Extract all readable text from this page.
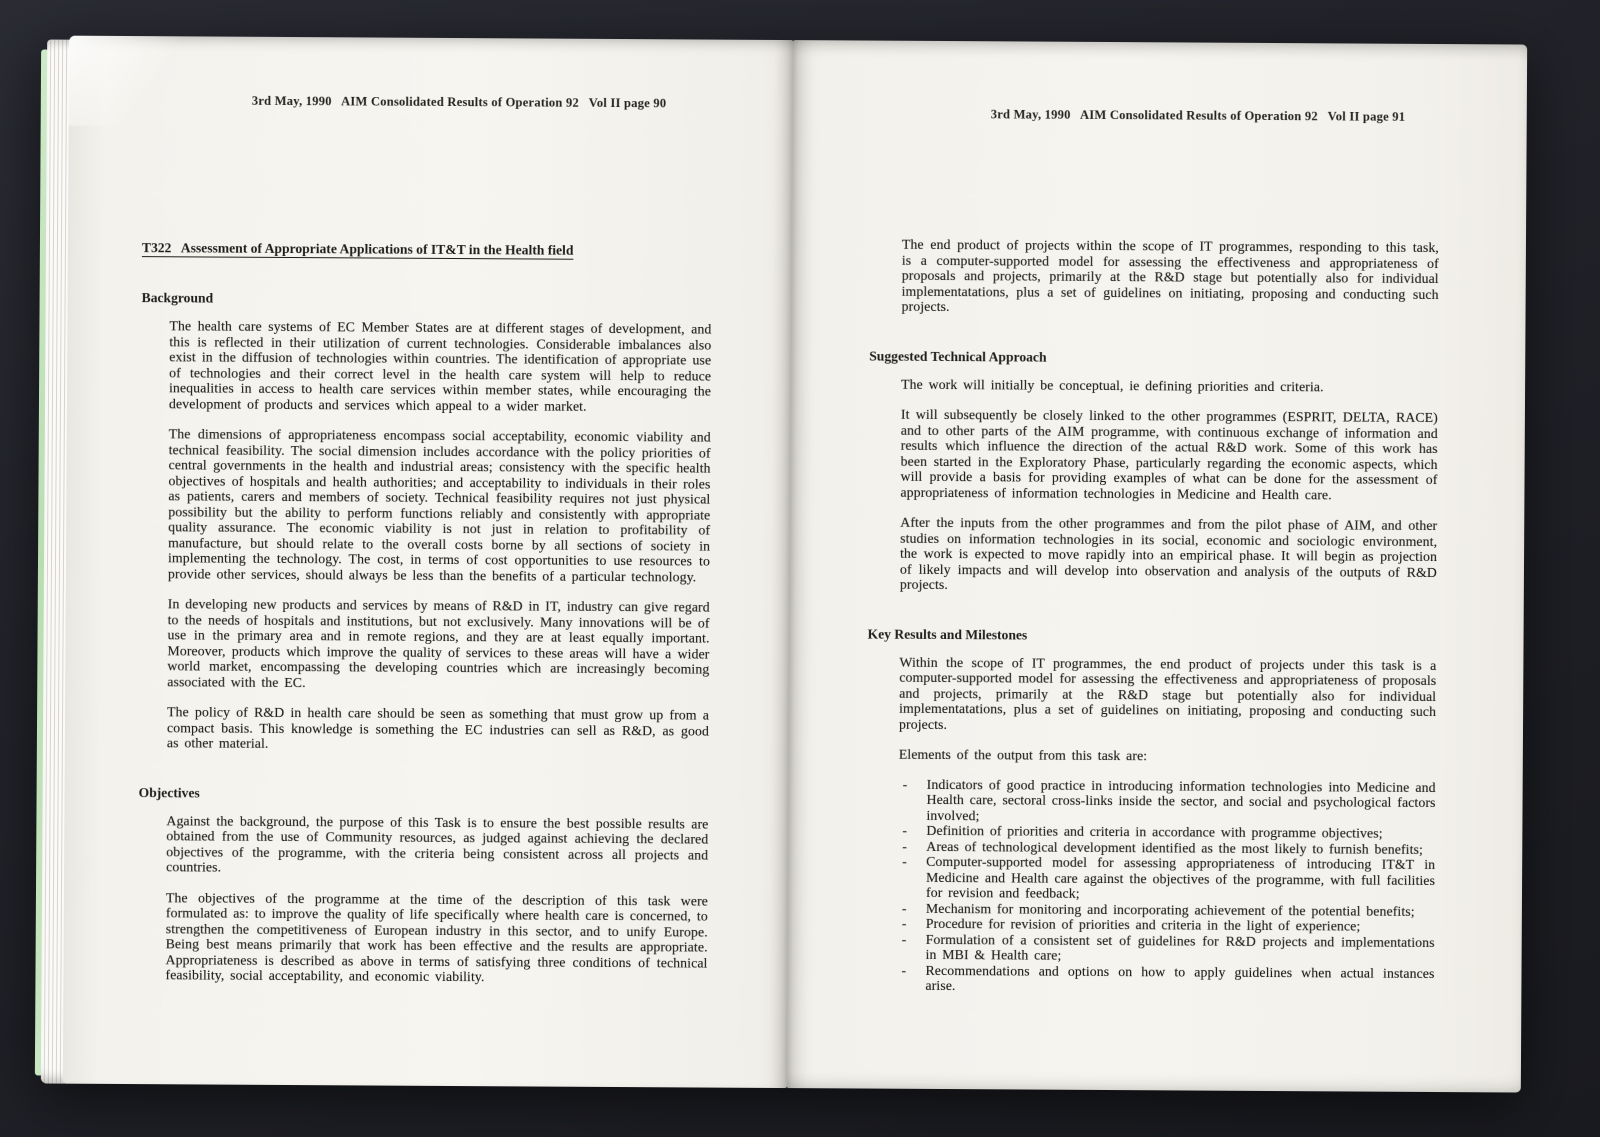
3rd May, 1990   AIM Consolidated Results of Operation 92   Vol II page 90
T322   Assessment of Appropriate Applications of IT&T in the Health field
Background

The health care systems of EC Member States are at different stages of development, and this is reflected in their utilization of current technologies. Considerable imbalances also exist in the diffusion of technologies within countries. The identification of appropriate use of technologies and their correct level in the health care system will help to reduce inequalities in access to health care services within member states, while encouraging the development of products and services which appeal to a wider market.

The dimensions of appropriateness encompass social acceptability, economic viability and technical feasibility. The social dimension includes accordance with the policy priorities of central governments in the health and industrial areas; consistency with the specific health objectives of hospitals and health authorities; and acceptability to individuals in their roles as patients, carers and members of society. Technical feasibility requires not just physical possibility but the ability to perform functions reliably and consistently with appropriate quality assurance. The economic viability is not just in relation to profitability of manufacture, but should relate to the overall costs borne by all sections of society in implementing the technology. The cost, in terms of cost opportunities to use resources to provide other services, should always be less than the benefits of a particular technology.

In developing new products and services by means of R&D in IT, industry can give regard to the needs of hospitals and institutions, but not exclusively. Many innovations will be of use in the primary area and in remote regions, and they are at least equally important. Moreover, products which improve the quality of services to these areas will have a wider world market, encompassing the developing countries which are increasingly becoming associated with the EC.

The policy of R&D in health care should be seen as something that must grow up from a compact basis. This knowledge is something the EC industries can sell as R&D, as good as other material.

Objectives

Against the background, the purpose of this Task is to ensure the best possible results are obtained from the use of Community resources, as judged against achieving the declared objectives of the programme, with the criteria being consistent across all projects and countries.

The objectives of the programme at the time of the description of this task were formulated as: to improve the quality of life specifically where health care is concerned, to strengthen the competitiveness of European industry in this sector, and to unify Europe. Being best means primarily that work has been effective and the results are appropriate. Appropriateness is described as above in terms of satisfying three conditions of technical feasibility, social acceptability, and economic viability.

3rd May, 1990   AIM Consolidated Results of Operation 92   Vol II page 91

The end product of projects within the scope of IT programmes, responding to this task, is a computer-supported model for assessing the effectiveness and appropriateness of proposals and projects, primarily at the R&D stage but potentially also for individual implementatations, plus a set of guidelines on initiating, proposing and conducting such projects.

Suggested Technical Approach

The work will initially be conceptual, ie defining priorities and criteria.

It will subsequently be closely linked to the other programmes (ESPRIT, DELTA, RACE) and to other parts of the AIM programme, with continuous exchange of information and results which influence the direction of the actual R&D work. Some of this work has been started in the Exploratory Phase, particularly regarding the economic aspects, which will provide a basis for providing examples of what can be done for the assessment of appropriateness of information technologies in Medicine and Health care.

After the inputs from the other programmes and from the pilot phase of AIM, and other studies on information technologies in its social, economic and sociologic environment, the work is expected to move rapidly into an empirical phase. It will begin as projection of likely impacts and will develop into observation and analysis of the outputs of R&D projects.

Key Results and Milestones

Within the scope of IT programmes, the end product of projects under this task is a computer-supported model for assessing the effectiveness and appropriateness of proposals and projects, primarily at the R&D stage but potentially also for individual implementatations, plus a set of guidelines on initiating, proposing and conducting such projects.

Elements of the output from this task are:

-	Indicators of good practice in introducing information technologies into Medicine and Health care, sectoral cross-links inside the sector, and social and psychological factors involved;
-	Definition of priorities and criteria in accordance with programme objectives;
-	Areas of technological development identified as the most likely to furnish benefits;
-	Computer-supported model for assessing appropriateness of introducing IT&T in Medicine and Health care against the objectives of the programme, with full facilities for revision and feedback;
-	Mechanism for monitoring and incorporating achievement of the potential benefits;
-	Procedure for revision of priorities and criteria in the light of experience;
-	Formulation of a consistent set of guidelines for R&D projects and implementations in MBI & Health care;
-	Recommendations and options on how to apply guidelines when actual instances arise.
